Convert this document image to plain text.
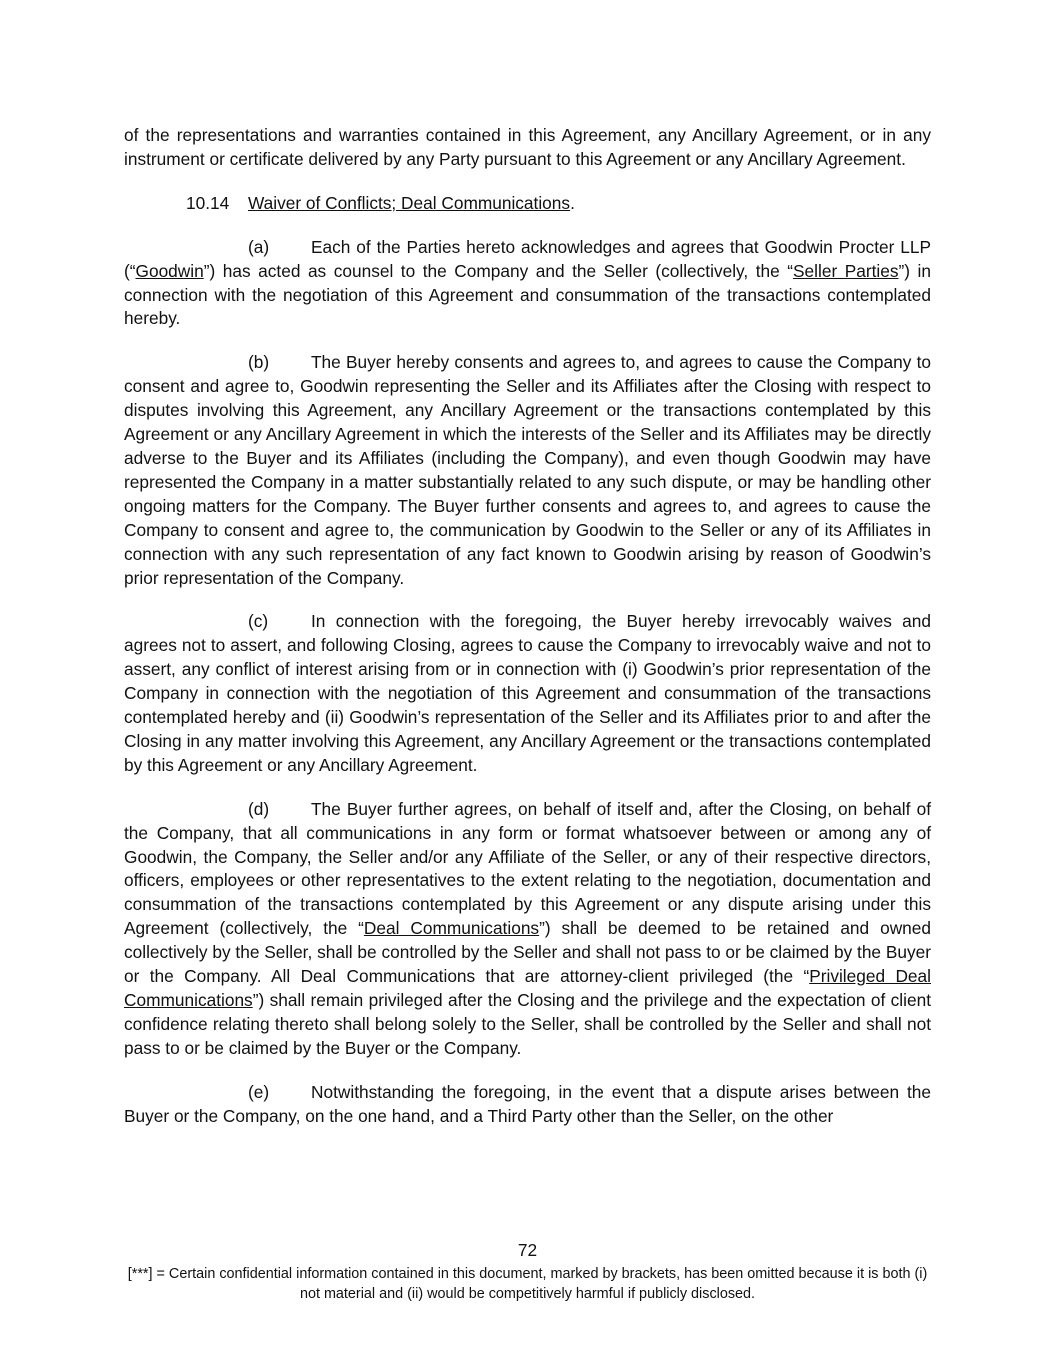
of the representations and warranties contained in this Agreement, any Ancillary Agreement, or in any instrument or certificate delivered by any Party pursuant to this Agreement or any Ancillary Agreement.

10.14 Waiver of Conflicts; Deal Communications.

(a) Each of the Parties hereto acknowledges and agrees that Goodwin Procter LLP (“Goodwin”) has acted as counsel to the Company and the Seller (collectively, the “Seller Parties”) in connection with the negotiation of this Agreement and consummation of the transactions contemplated hereby.

(b) The Buyer hereby consents and agrees to, and agrees to cause the Company to consent and agree to, Goodwin representing the Seller and its Affiliates after the Closing with respect to disputes involving this Agreement, any Ancillary Agreement or the transactions contemplated by this Agreement or any Ancillary Agreement in which the interests of the Seller and its Affiliates may be directly adverse to the Buyer and its Affiliates (including the Company), and even though Goodwin may have represented the Company in a matter substantially related to any such dispute, or may be handling other ongoing matters for the Company. The Buyer further consents and agrees to, and agrees to cause the Company to consent and agree to, the communication by Goodwin to the Seller or any of its Affiliates in connection with any such representation of any fact known to Goodwin arising by reason of Goodwin’s prior representation of the Company.

(c) In connection with the foregoing, the Buyer hereby irrevocably waives and agrees not to assert, and following Closing, agrees to cause the Company to irrevocably waive and not to assert, any conflict of interest arising from or in connection with (i) Goodwin’s prior representation of the Company in connection with the negotiation of this Agreement and consummation of the transactions contemplated hereby and (ii) Goodwin’s representation of the Seller and its Affiliates prior to and after the Closing in any matter involving this Agreement, any Ancillary Agreement or the transactions contemplated by this Agreement or any Ancillary Agreement.

(d) The Buyer further agrees, on behalf of itself and, after the Closing, on behalf of the Company, that all communications in any form or format whatsoever between or among any of Goodwin, the Company, the Seller and/or any Affiliate of the Seller, or any of their respective directors, officers, employees or other representatives to the extent relating to the negotiation, documentation and consummation of the transactions contemplated by this Agreement or any dispute arising under this Agreement (collectively, the “Deal Communications”) shall be deemed to be retained and owned collectively by the Seller, shall be controlled by the Seller and shall not pass to or be claimed by the Buyer or the Company. All Deal Communications that are attorney-client privileged (the “Privileged Deal Communications”) shall remain privileged after the Closing and the privilege and the expectation of client confidence relating thereto shall belong solely to the Seller, shall be controlled by the Seller and shall not pass to or be claimed by the Buyer or the Company.

(e) Notwithstanding the foregoing, in the event that a dispute arises between the Buyer or the Company, on the one hand, and a Third Party other than the Seller, on the other

72
[***] = Certain confidential information contained in this document, marked by brackets, has been omitted because it is both (i) not material and (ii) would be competitively harmful if publicly disclosed.
